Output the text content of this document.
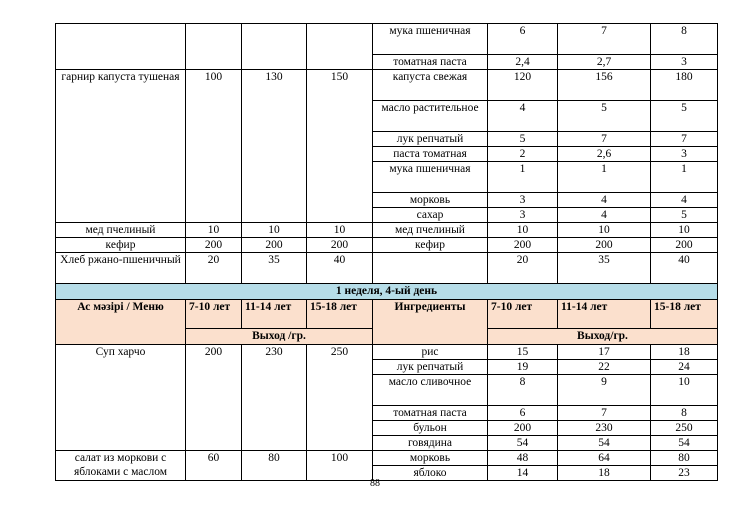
				мука пшеничная	6	7	8
				томатная паста	2,4	2,7	3
гарнир капуста тушеная	100	130	150	капуста свежая	120	156	180
				масло растительное	4	5	5
				лук репчатый	5	7	7
				паста томатная	2	2,6	3
				мука пшеничная	1	1	1
				морковь	3	4	4
				сахар	3	4	5
мед пчелиный	10	10	10	мед пчелиный	10	10	10
кефир	200	200	200	кефир	200	200	200
Хлеб ржано-пшеничный	20	35	40		20	35	40
1 неделя, 4-ый день							
Ас мәзірі / Меню	7-10 лет	11-14 лет	15-18 лет	Ингредиенты	7-10 лет	11-14 лет	15-18 лет
	Выход /гр.				Выход/гр.		
Суп харчо	200	230	250	рис	15	17	18
				лук репчатый	19	22	24
				масло сливочное	8	9	10
				томатная паста	6	7	8
				бульон	200	230	250
				говядина	54	54	54
салат из моркови с яблоками с маслом	60	80	100	морковь	48	64	80
				яблоко	14	18	23
88
